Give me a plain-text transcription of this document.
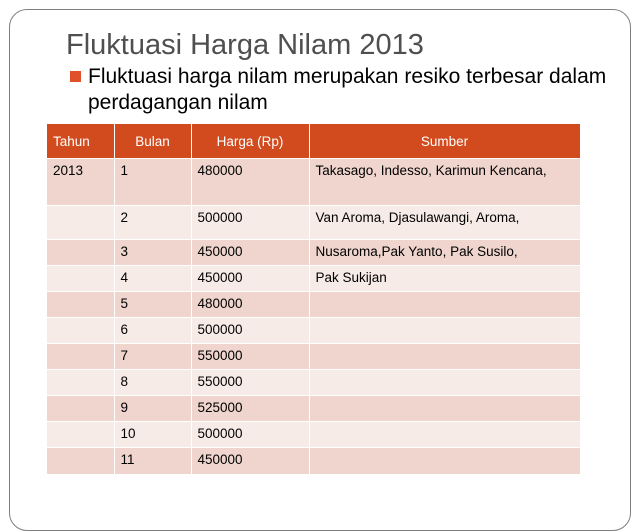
Fluktuasi Harga Nilam 2013
Fluktuasi harga nilam merupakan resiko terbesar dalam perdagangan nilam
Tahun	Bulan	Harga (Rp)	Sumber
2013	1	480000	Takasago, Indesso, Karimun Kencana,
	2	500000	Van Aroma, Djasulawangi, Aroma,
	3	450000	Nusaroma,Pak Yanto, Pak Susilo,
	4	450000	Pak Sukijan
	5	480000	
	6	500000	
	7	550000	
	8	550000	
	9	525000	
	10	500000	
	11	450000	
